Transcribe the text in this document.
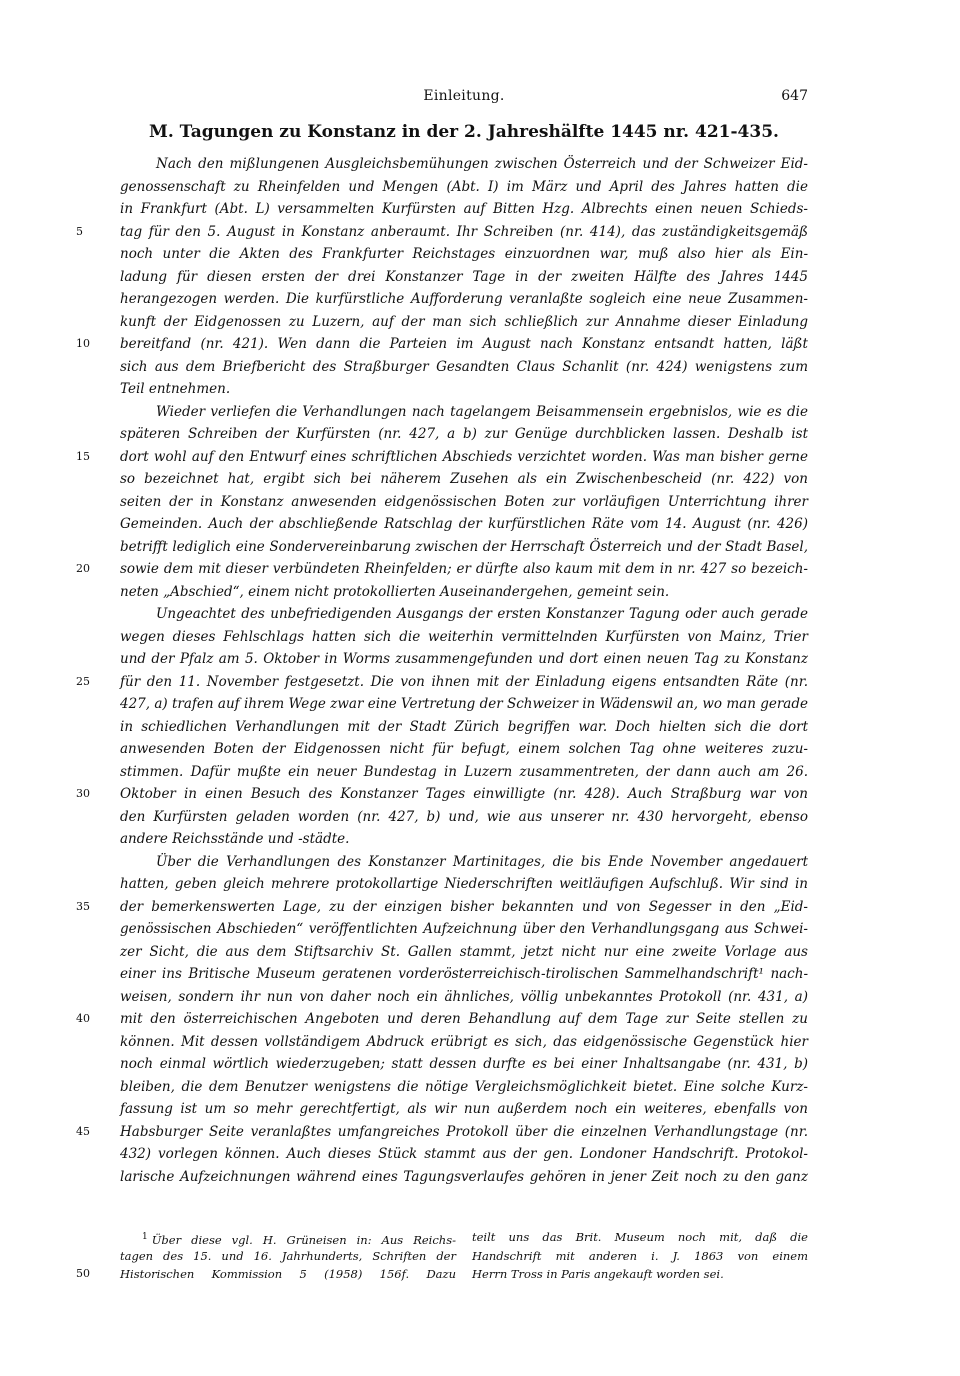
Einleitung.	647
M. Tagungen zu Konstanz in der 2. Jahreshälfte 1445 nr. 421-435.
Nach den mißlungenen Ausgleichsbemühungen zwischen Österreich und der Schweizer Eid-
genossenschaft zu Rheinfelden und Mengen (Abt. I) im März und April des Jahres hatten die
in Frankfurt (Abt. L) versammelten Kurfürsten auf Bitten Hzg. Albrechts einen neuen Schieds-
tag für den 5. August in Konstanz anberaumt. Ihr Schreiben (nr. 414), das zuständigkeitsgemäß
5
noch unter die Akten des Frankfurter Reichstages einzuordnen war, muß also hier als Ein-
ladung für diesen ersten der drei Konstanzer Tage in der zweiten Hälfte des Jahres 1445
herangezogen werden. Die kurfürstliche Aufforderung veranlaßte sogleich eine neue Zusammen-
kunft der Eidgenossen zu Luzern, auf der man sich schließlich zur Annahme dieser Einladung
bereitfand (nr. 421). Wen dann die Parteien im August nach Konstanz entsandt hatten, läßt
10
sich aus dem Briefbericht des Straßburger Gesandten Claus Schanlit (nr. 424) wenigstens zum
Teil entnehmen.
Wieder verliefen die Verhandlungen nach tagelangem Beisammensein ergebnislos, wie es die
späteren Schreiben der Kurfürsten (nr. 427, a b) zur Genüge durchblicken lassen. Deshalb ist
dort wohl auf den Entwurf eines schriftlichen Abschieds verzichtet worden. Was man bisher gerne
15
so bezeichnet hat, ergibt sich bei näherem Zusehen als ein Zwischenbescheid (nr. 422) von
seiten der in Konstanz anwesenden eidgenössischen Boten zur vorläufigen Unterrichtung ihrer
Gemeinden. Auch der abschließende Ratschlag der kurfürstlichen Räte vom 14. August (nr. 426)
betrifft lediglich eine Sondervereinbarung zwischen der Herrschaft Österreich und der Stadt Basel,
sowie dem mit dieser verbündeten Rheinfelden; er dürfte also kaum mit dem in nr. 427 so bezeich-
20
neten „Abschied“, einem nicht protokollierten Auseinandergehen, gemeint sein.
Ungeachtet des unbefriedigenden Ausgangs der ersten Konstanzer Tagung oder auch gerade
wegen dieses Fehlschlags hatten sich die weiterhin vermittelnden Kurfürsten von Mainz, Trier
und der Pfalz am 5. Oktober in Worms zusammengefunden und dort einen neuen Tag zu Konstanz
für den 11. November festgesetzt. Die von ihnen mit der Einladung eigens entsandten Räte (nr.
25
427, a) trafen auf ihrem Wege zwar eine Vertretung der Schweizer in Wädenswil an, wo man gerade
in schiedlichen Verhandlungen mit der Stadt Zürich begriffen war. Doch hielten sich die dort
anwesenden Boten der Eidgenossen nicht für befugt, einem solchen Tag ohne weiteres zuzu-
stimmen. Dafür mußte ein neuer Bundestag in Luzern zusammentreten, der dann auch am 26.
Oktober in einen Besuch des Konstanzer Tages einwilligte (nr. 428). Auch Straßburg war von
30
den Kurfürsten geladen worden (nr. 427, b) und, wie aus unserer nr. 430 hervorgeht, ebenso
andere Reichsstände und -städte.
Über die Verhandlungen des Konstanzer Martinitages, die bis Ende November angedauert
hatten, geben gleich mehrere protokollartige Niederschriften weitläufigen Aufschluß. Wir sind in
der bemerkenswerten Lage, zu der einzigen bisher bekannten und von Segesser in den „Eid-
35
genössischen Abschieden“ veröffentlichten Aufzeichnung über den Verhandlungsgang aus Schwei-
zer Sicht, die aus dem Stiftsarchiv St. Gallen stammt, jetzt nicht nur eine zweite Vorlage aus
einer ins Britische Museum geratenen vorderösterreichisch-tirolischen Sammelhandschrift¹ nach-
weisen, sondern ihr nun von daher noch ein ähnliches, völlig unbekanntes Protokoll (nr. 431, a)
mit den österreichischen Angeboten und deren Behandlung auf dem Tage zur Seite stellen zu
40
können. Mit dessen vollständigem Abdruck erübrigt es sich, das eidgenössische Gegenstück hier
noch einmal wörtlich wiederzugeben; statt dessen durfte es bei einer Inhaltsangabe (nr. 431, b)
bleiben, die dem Benutzer wenigstens die nötige Vergleichsmöglichkeit bietet. Eine solche Kurz-
fassung ist um so mehr gerechtfertigt, als wir nun außerdem noch ein weiteres, ebenfalls von
Habsburger Seite veranlaßtes umfangreiches Protokoll über die einzelnen Verhandlungstage (nr.
45
432) vorlegen können. Auch dieses Stück stammt aus der gen. Londoner Handschrift. Protokol-
larische Aufzeichnungen während eines Tagungsverlaufes gehören in jener Zeit noch zu den ganz
$^1$ Über diese vgl. H. Grüneisen in: Aus Reichs-
tagen des 15. und 16. Jahrhunderts, Schriften der
Historischen Kommission 5 (1958) 156f. Dazu
50
teilt uns das Brit. Museum noch mit, daß die
Handschrift mit anderen i. J. 1863 von einem
Herrn Tross in Paris angekauft worden sei.
